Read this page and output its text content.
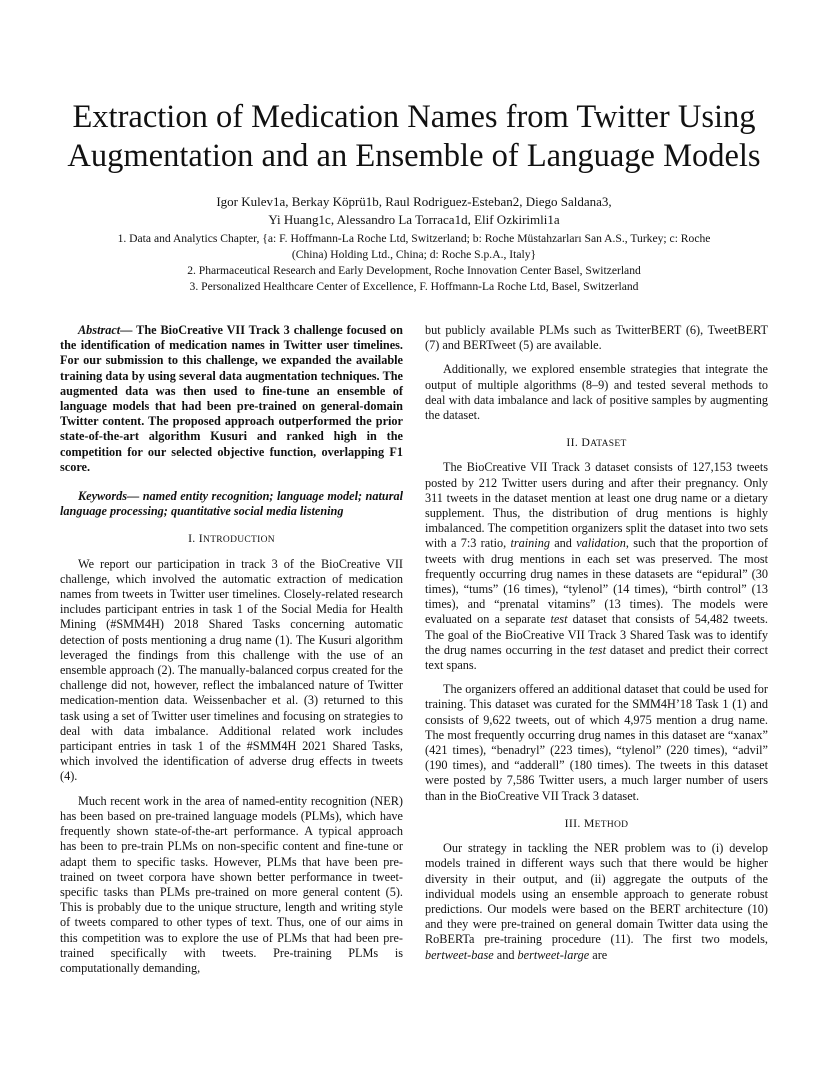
Extraction of Medication Names from Twitter Using
Augmentation and an Ensemble of Language Models
Igor Kulev1a, Berkay Köprü1b, Raul Rodriguez-Esteban2, Diego Saldana3,
Yi Huang1c, Alessandro La Torraca1d, Elif Ozkirimli1a
1. Data and Analytics Chapter, {a: F. Hoffmann-La Roche Ltd, Switzerland; b: Roche Müstahzarları San A.S., Turkey; c: Roche
(China) Holding Ltd., China; d: Roche S.p.A., Italy}
2. Pharmaceutical Research and Early Development, Roche Innovation Center Basel, Switzerland
3. Personalized Healthcare Center of Excellence, F. Hoffmann-La Roche Ltd, Basel, Switzerland

Abstract— The BioCreative VII Track 3 challenge focused on the identification of medication names in Twitter user timelines. For our submission to this challenge, we expanded the available training data by using several data augmentation techniques. The augmented data was then used to fine-tune an ensemble of language models that had been pre-trained on general-domain Twitter content. The proposed approach outperformed the prior state-of-the-art algorithm Kusuri and ranked high in the competition for our selected objective function, overlapping F1 score.

Keywords— named entity recognition; language model; natural language processing; quantitative social media listening

I. INTRODUCTION

We report our participation in track 3 of the BioCreative VII challenge, which involved the automatic extraction of medication names from tweets in Twitter user timelines. Closely-related research includes participant entries in task 1 of the Social Media for Health Mining (#SMM4H) 2018 Shared Tasks concerning automatic detection of posts mentioning a drug name (1). The Kusuri algorithm leveraged the findings from this challenge with the use of an ensemble approach (2). The manually-balanced corpus created for the challenge did not, however, reflect the imbalanced nature of Twitter medication-mention data. Weissenbacher et al. (3) returned to this task using a set of Twitter user timelines and focusing on strategies to deal with data imbalance. Additional related work includes participant entries in task 1 of the #SMM4H 2021 Shared Tasks, which involved the identification of adverse drug effects in tweets (4).

Much recent work in the area of named-entity recognition (NER) has been based on pre-trained language models (PLMs), which have frequently shown state-of-the-art performance. A typical approach has been to pre-train PLMs on non-specific content and fine-tune or adapt them to specific tasks. However, PLMs that have been pre-trained on tweet corpora have shown better performance in tweet-specific tasks than PLMs pre-trained on more general content (5). This is probably due to the unique structure, length and writing style of tweets compared to other types of text. Thus, one of our aims in this competition was to explore the use of PLMs that had been pre-trained specifically with tweets. Pre-training PLMs is computationally demanding,

but publicly available PLMs such as TwitterBERT (6), TweetBERT (7) and BERTweet (5) are available.

Additionally, we explored ensemble strategies that integrate the output of multiple algorithms (8–9) and tested several methods to deal with data imbalance and lack of positive samples by augmenting the dataset.

II. DATASET

The BioCreative VII Track 3 dataset consists of 127,153 tweets posted by 212 Twitter users during and after their pregnancy. Only 311 tweets in the dataset mention at least one drug name or a dietary supplement. Thus, the distribution of drug mentions is highly imbalanced. The competition organizers split the dataset into two sets with a 7:3 ratio, training and validation, such that the proportion of tweets with drug mentions in each set was preserved. The most frequently occurring drug names in these datasets are “epidural” (30 times), “tums” (16 times), “tylenol” (14 times), “birth control” (13 times), and “prenatal vitamins” (13 times). The models were evaluated on a separate test dataset that consists of 54,482 tweets. The goal of the BioCreative VII Track 3 Shared Task was to identify the drug names occurring in the test dataset and predict their correct text spans.

The organizers offered an additional dataset that could be used for training. This dataset was curated for the SMM4H’18 Task 1 (1) and consists of 9,622 tweets, out of which 4,975 mention a drug name. The most frequently occurring drug names in this dataset are “xanax” (421 times), “benadryl” (223 times), “tylenol” (220 times), “advil” (190 times), and “adderall” (180 times). The tweets in this dataset were posted by 7,586 Twitter users, a much larger number of users than in the BioCreative VII Track 3 dataset.

III. METHOD

Our strategy in tackling the NER problem was to (i) develop models trained in different ways such that there would be higher diversity in their output, and (ii) aggregate the outputs of the individual models using an ensemble approach to generate robust predictions. Our models were based on the BERT architecture (10) and they were pre-trained on general domain Twitter data using the RoBERTa pre-training procedure (11). The first two models, bertweet-base and bertweet-large are
